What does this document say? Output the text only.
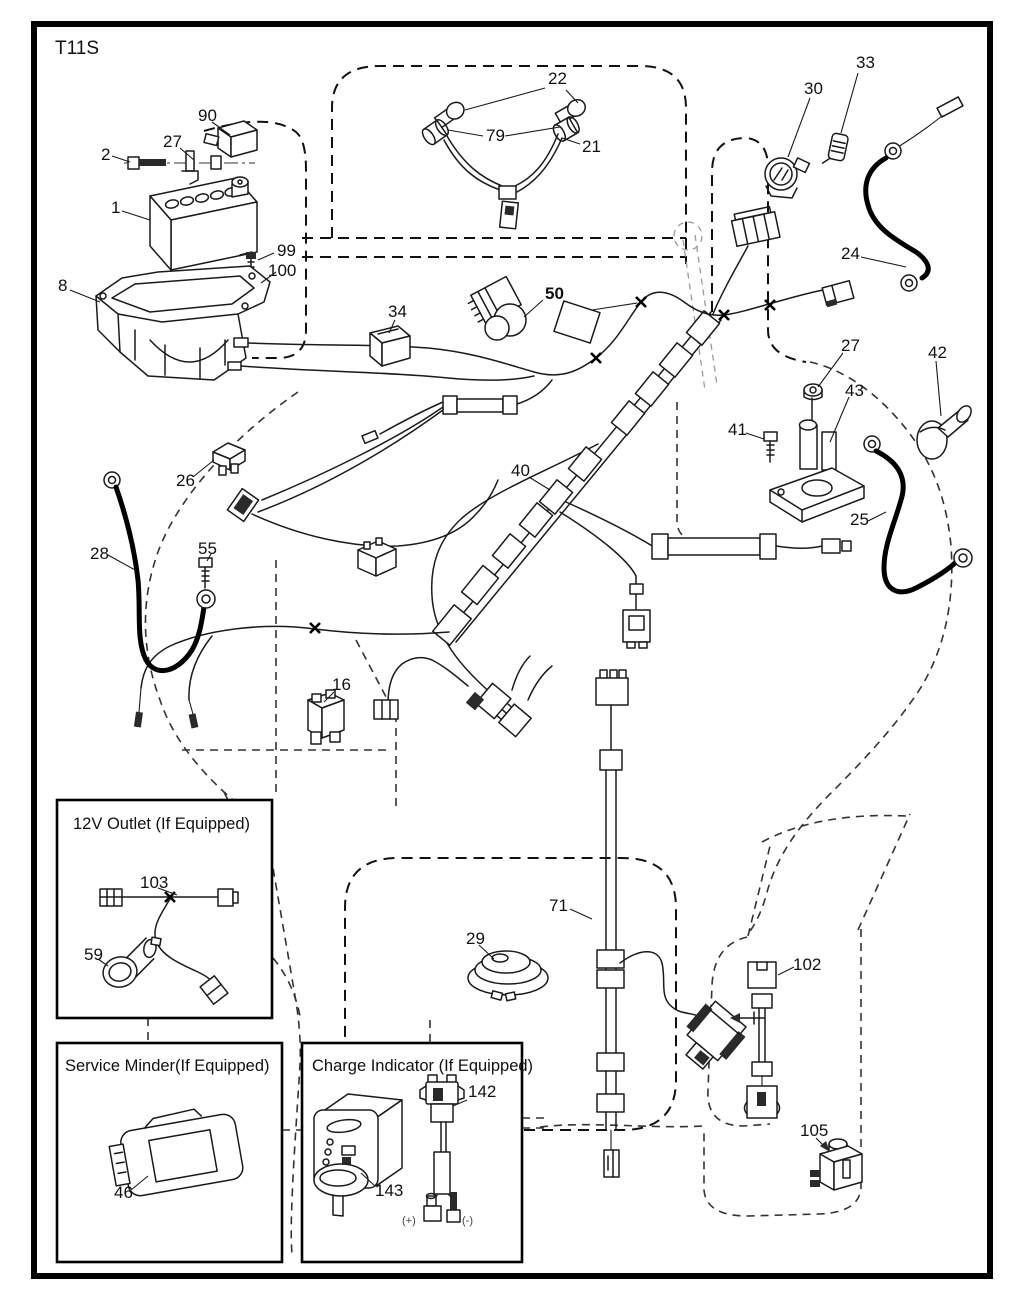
T11S
12V Outlet (If Equipped)
Service Minder(If Equipped)	Charge Indicator (If Equipped)
(+)	(-)
90
27
2
1
99
100
8
22
79
21
30
33
24
34
50
40
26
28	55
16
27	42
43
41
25
71
29
102
105
103
59
46	143
142
